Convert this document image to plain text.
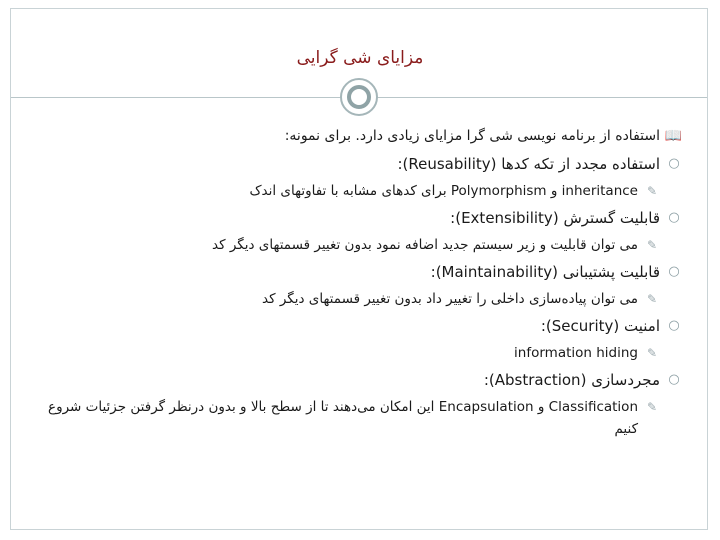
مزایای شی گرایی
📖
استفاده از برنامه نویسی شی گرا مزایای زیادی دارد. برای نمونه:
○
استفاده مجدد از تکه کدها (Reusability):
✎
inheritance و Polymorphism برای کدهای مشابه با تفاوتهای اندک
○
قابلیت گسترش (Extensibility):
✎
می توان قابلیت و زیر سیستم جدید اضافه نمود بدون تغییر قسمتهای دیگر کد
○
قابلیت پشتیبانی (Maintainability):
✎
می توان پیاده‌سازی داخلی را تغییر داد بدون تغییر قسمتهای دیگر کد
○
امنیت (Security):
✎
information hiding
○
مجردسازی (Abstraction):
✎
Classification و Encapsulation این امکان می‌دهند تا از سطح بالا و بدون درنظر گرفتن جزئیات شروع کنیم
